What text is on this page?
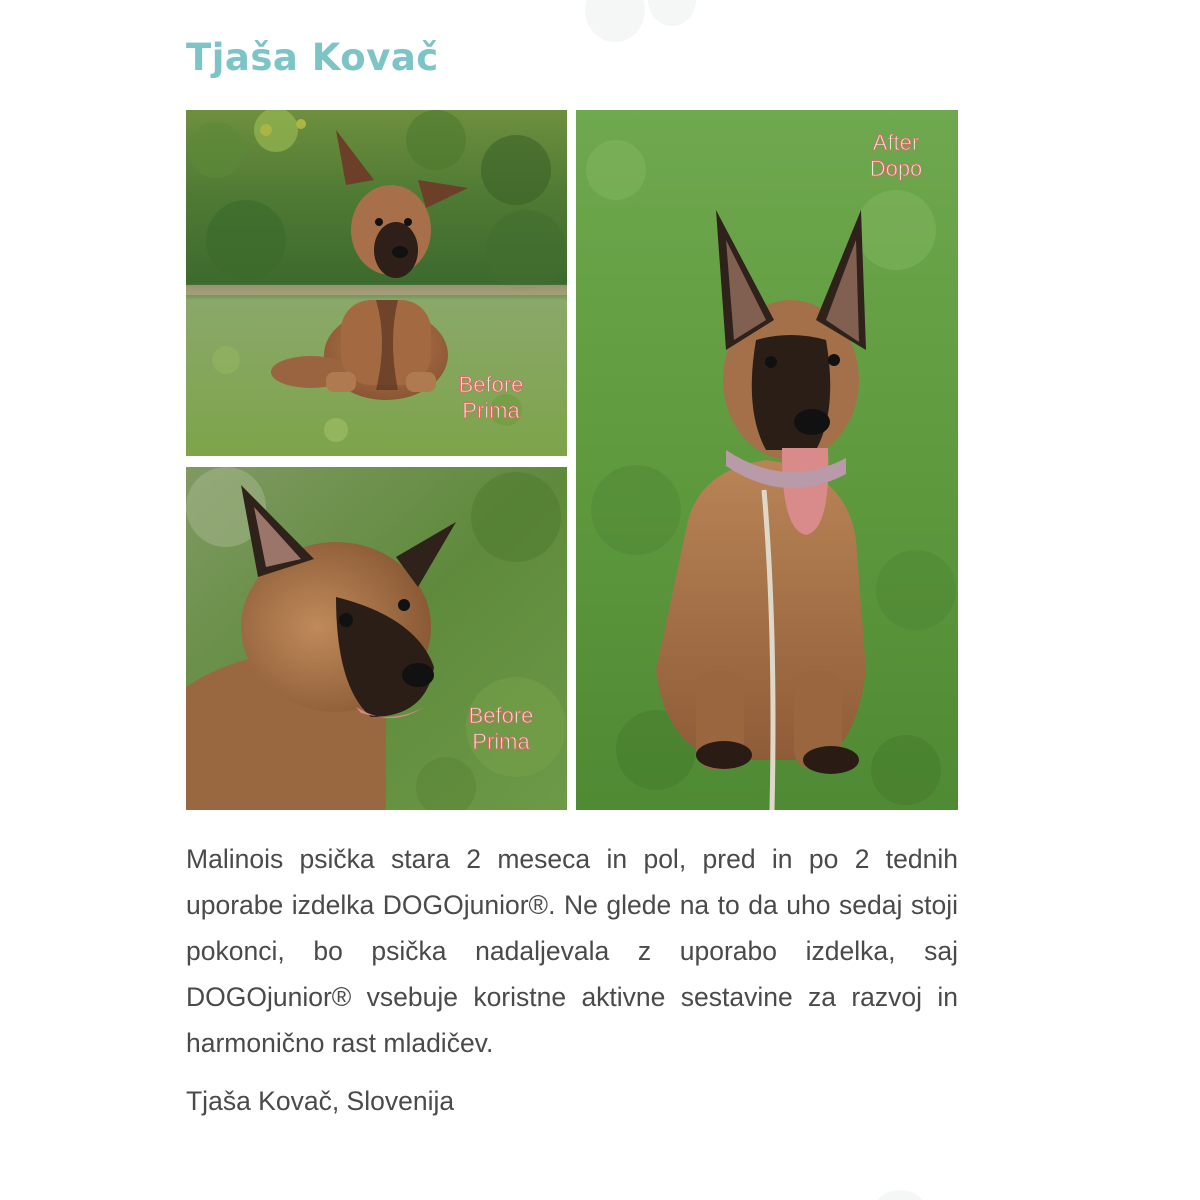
Tjaša Kovač
Before
Prima
Before
Prima
After
Dopo

Malinois psička stara 2 meseca in pol, pred in po 2 tednih uporabe izdelka DOGOjunior®. Ne glede na to da uho sedaj stoji pokonci, bo psička nadaljevala z uporabo izdelka, saj DOGOjunior® vsebuje koristne aktivne sestavine za razvoj in harmonično rast mladičev.

Tjaša Kovač, Slovenija
